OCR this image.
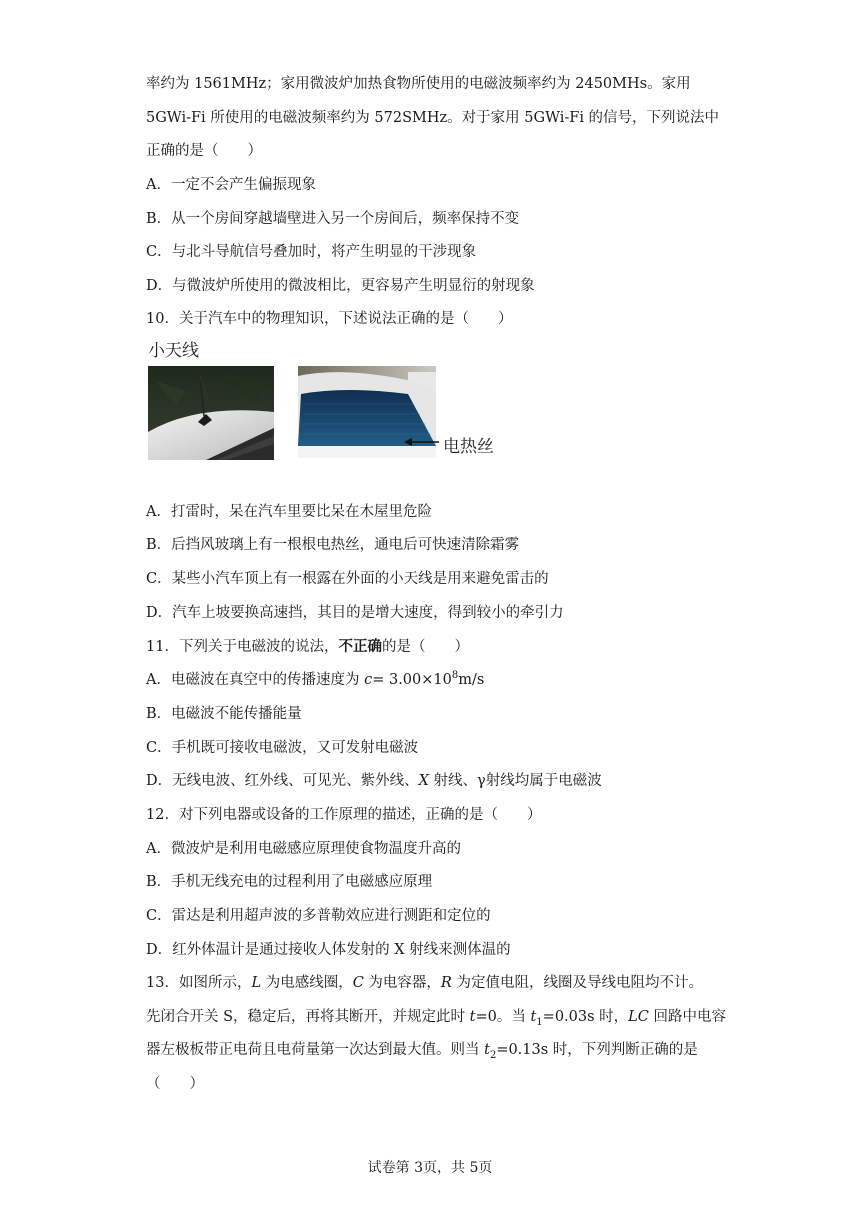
率约为 1561MHz；家用微波炉加热食物所使用的电磁波频率约为 2450MHs。家用
5GWi-Fi 所使用的电磁波频率约为 572SMHz。对于家用 5GWi-Fi 的信号，下列说法中
正确的是（　　）
A．一定不会产生偏振现象
B．从一个房间穿越墙壁进入另一个房间后，频率保持不变
C．与北斗导航信号叠加时，将产生明显的干涉现象
D．与微波炉所使用的微波相比，更容易产生明显衍的射现象
10．关于汽车中的物理知识，下述说法正确的是（　　）
小天线
电热丝
A．打雷时，呆在汽车里要比呆在木屋里危险
B．后挡风玻璃上有一根根电热丝，通电后可快速清除霜雾
C．某些小汽车顶上有一根露在外面的小天线是用来避免雷击的
D．汽车上坡要换高速挡，其目的是增大速度，得到较小的牵引力
11．下列关于电磁波的说法，不正确的是（　　）
A．电磁波在真空中的传播速度为 $c= 3.00\times 10^8m/s$
B．电磁波不能传播能量
C．手机既可接收电磁波，又可发射电磁波
D．无线电波、红外线、可见光、紫外线、X 射线、γ射线均属于电磁波
12．对下列电器或设备的工作原理的描述，正确的是（　　）
A．微波炉是利用电磁感应原理使食物温度升高的
B．手机无线充电的过程利用了电磁感应原理
C．雷达是利用超声波的多普勒效应进行测距和定位的
D．红外体温计是通过接收人体发射的 X 射线来测体温的
13．如图所示，L 为电感线圈，C 为电容器，R 为定值电阻，线圈及导线电阻均不计。
先闭合开关 S，稳定后，再将其断开，并规定此时 t=0。当 $t_1=0.03s$ 时，LC 回路中电容
器左极板带正电荷且电荷量第一次达到最大值。则当 $t_2=0.13s$ 时，下列判断正确的是
（　　）
试卷第 3页，共 5页
